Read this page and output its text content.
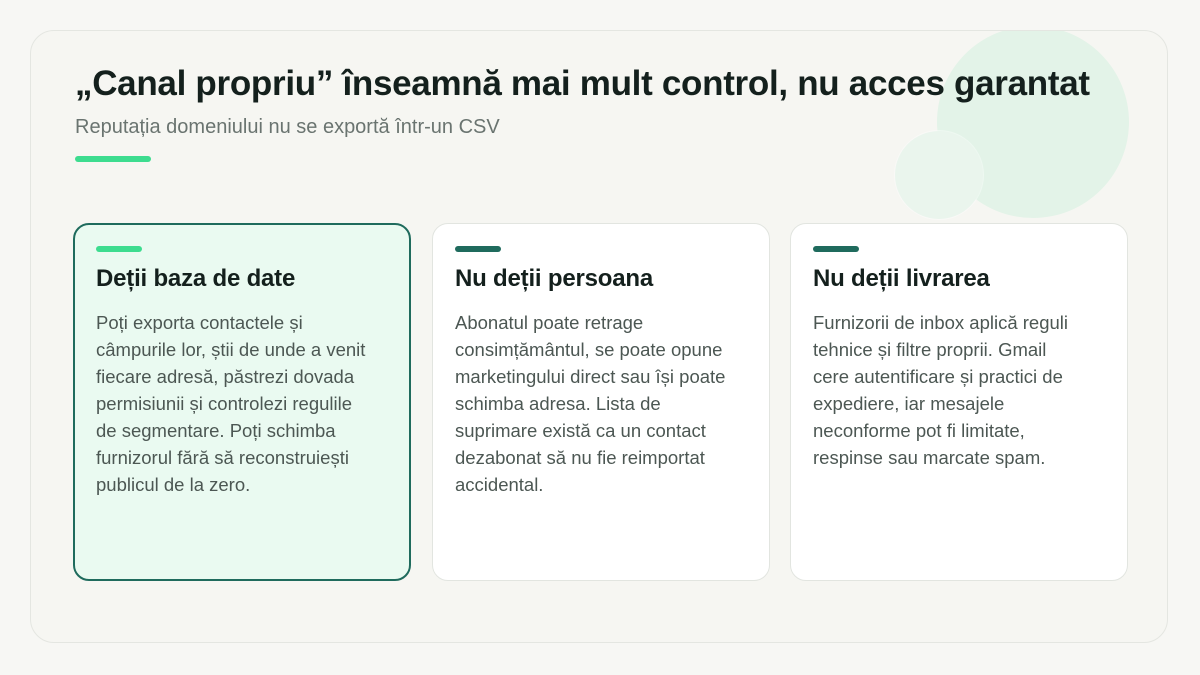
„Canal propriu” înseamnă mai mult control, nu acces garantat

Reputația domeniului nu se exportă într-un CSV

Deții baza de date

Poți exporta contactele și câmpurile lor, știi de unde a venit fiecare adresă, păstrezi dovada permisiunii și controlezi regulile de segmentare. Poți schimba furnizorul fără să reconstruiești publicul de la zero.

Nu deții persoana

Abonatul poate retrage consimțământul, se poate opune marketingului direct sau își poate schimba adresa. Lista de suprimare există ca un contact dezabonat să nu fie reimportat accidental.

Nu deții livrarea

Furnizorii de inbox aplică reguli tehnice și filtre proprii. Gmail cere autentificare și practici de expediere, iar mesajele neconforme pot fi limitate, respinse sau marcate spam.
